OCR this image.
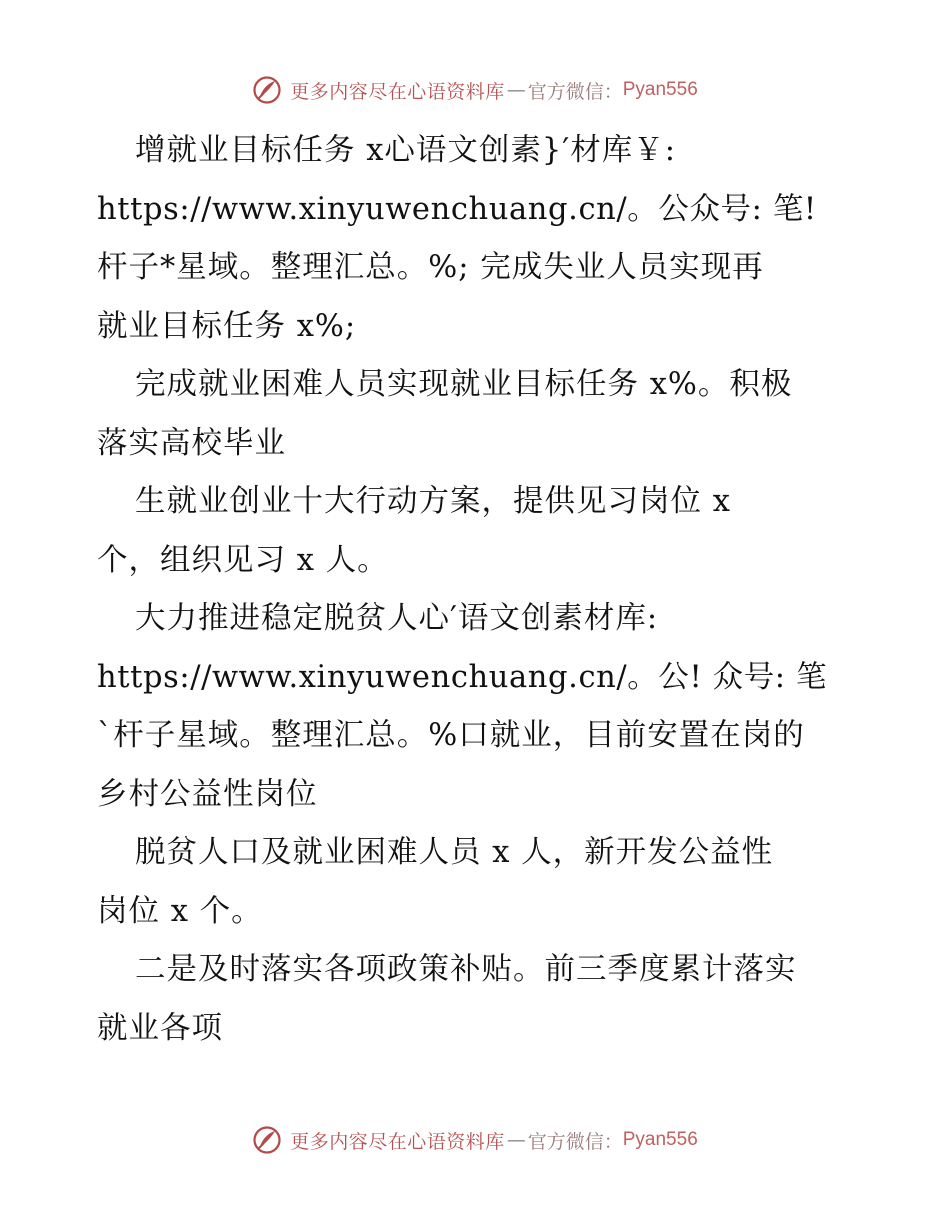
更多内容尽在心语资料库 — 官方微信： Pyan556
增就业目标任务 x心语文创素}′材库￥:
https://www.xinyuwenchuang.cn/。公众号: 笔!
杆子*星域。整理汇总。%; 完成失业人员实现再
就业目标任务 x%;
完成就业困难人员实现就业目标任务 x%。积极
落实高校毕业
生就业创业十大行动方案，提供见习岗位 x
个，组织见习 x 人。
大力推进稳定脱贫人心′语文创素材库:
https://www.xinyuwenchuang.cn/。公! 众号: 笔
`杆子星域。整理汇总。%口就业，目前安置在岗的
乡村公益性岗位
脱贫人口及就业困难人员 x 人，新开发公益性
岗位 x 个。
二是及时落实各项政策补贴。前三季度累计落实
就业各项
更多内容尽在心语资料库 — 官方微信： Pyan556
